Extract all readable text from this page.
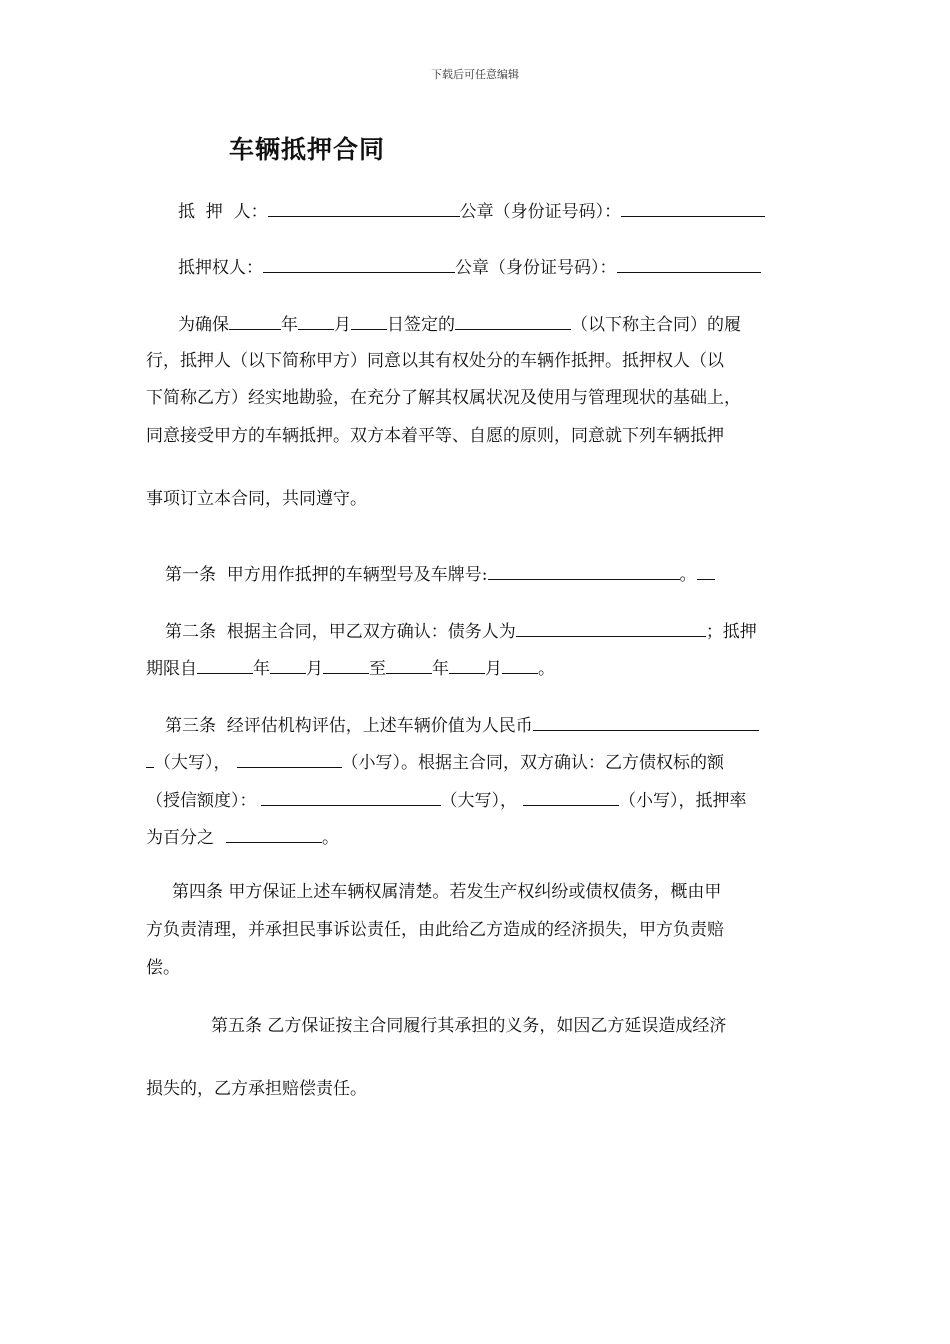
下载后可任意编辑
车辆抵押合同
抵  押  人：	公章（身份证号码）：
抵押权人：	公章（身份证号码）：
为确保	年 月 日签定的	（以下称主合同）的履
行，抵押人（以下简称甲方）同意以其有权处分的车辆作抵押。抵押权人（以
下简称乙方）经实地勘验，在充分了解其权属状况及使用与管理现状的基础上，
同意接受甲方的车辆抵押。双方本着平等、自愿的原则，同意就下列车辆抵押
事项订立本合同，共同遵守。
第一条  甲方用作抵押的车辆型号及车牌号:	。
第二条  根据主合同，甲乙双方确认：债务人为	；抵押
期限自	年 月	至	年 月 。
第三条  经评估机构评估，上述车辆价值为人民币
（大写），	（小写）。根据主合同，双方确认：乙方债权标的额
（授信额度）：	（大写），	（小写），抵押率
为百分之	。
第四条 甲方保证上述车辆权属清楚。若发生产权纠纷或债权债务，概由甲
方负责清理，并承担民事诉讼责任，由此给乙方造成的经济损失，甲方负责赔
偿。
第五条 乙方保证按主合同履行其承担的义务，如因乙方延误造成经济
损失的，乙方承担赔偿责任。
